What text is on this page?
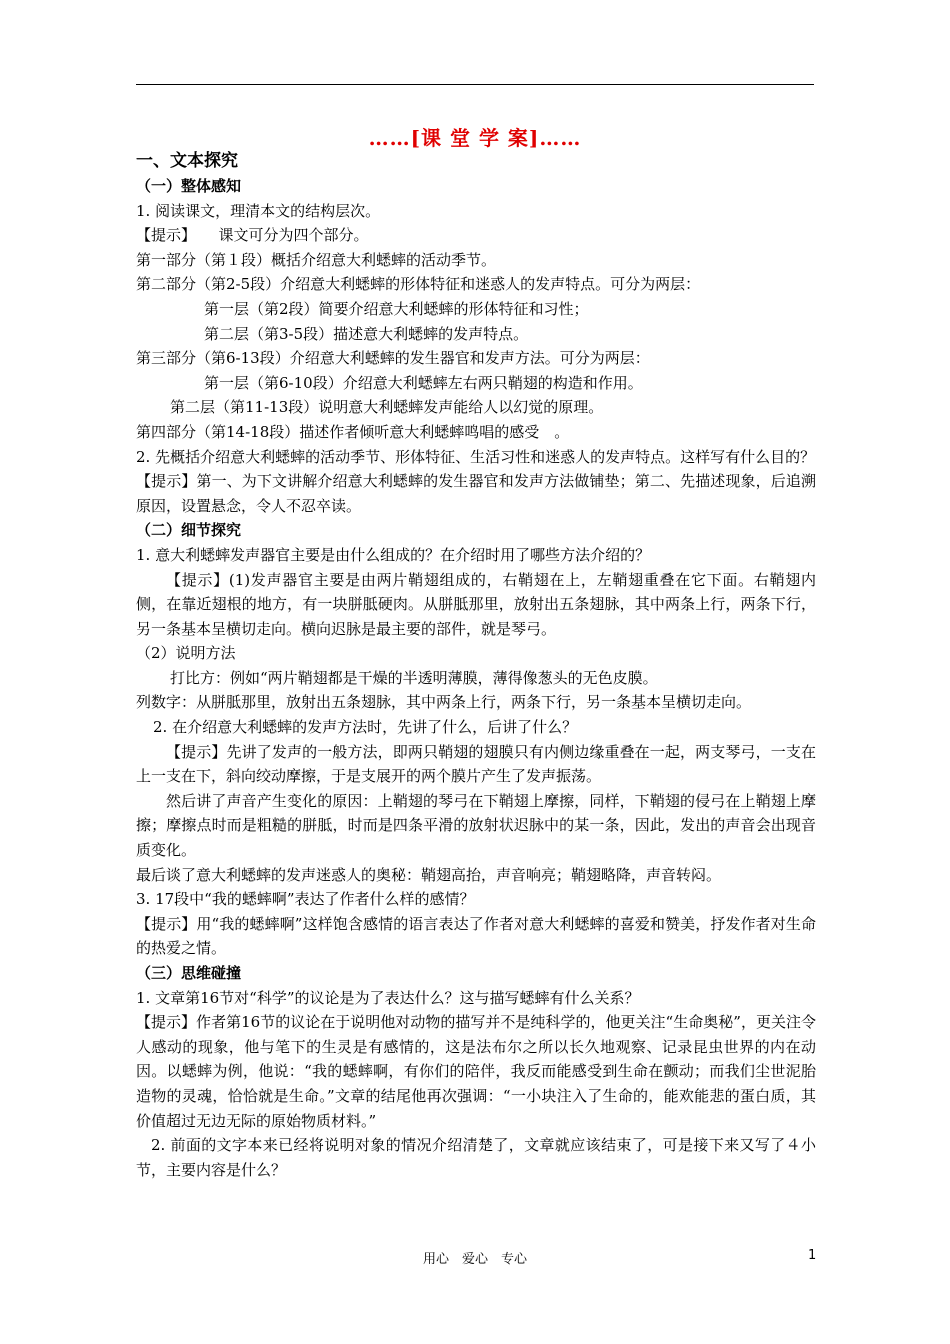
……[课 堂 学 案]……
一、文本探究
（一）整体感知
1. 阅读课文，理清本文的结构层次。
【提示】　　课文可分为四个部分。
第一部分（第１段）概括介绍意大利蟋蟀的活动季节。
第二部分（第2-5段）介绍意大利蟋蟀的形体特征和迷惑人的发声特点。可分为两层：
第一层（第2段）简要介绍意大利蟋蟀的形体特征和习性；
第二层（第3-5段）描述意大利蟋蟀的发声特点。
第三部分（第6-13段）介绍意大利蟋蟀的发生器官和发声方法。可分为两层：
第一层（第6-10段）介绍意大利蟋蟀左右两只鞘翅的构造和作用。
第二层（第11-13段）说明意大利蟋蟀发声能给人以幻觉的原理。
第四部分（第14-18段）描述作者倾听意大利蟋蟀鸣唱的感受　。
2. 先概括介绍意大利蟋蟀的活动季节、形体特征、生活习性和迷惑人的发声特点。这样写有什么目的？
【提示】第一、为下文讲解介绍意大利蟋蟀的发生器官和发声方法做铺垫；第二、先描述现象，后追溯原因，设置悬念，令人不忍卒读。
（二）细节探究
1. 意大利蟋蟀发声器官主要是由什么组成的？在介绍时用了哪些方法介绍的？
【提示】(1)发声器官主要是由两片鞘翅组成的，右鞘翅在上，左鞘翅重叠在它下面。右鞘翅内侧，在靠近翅根的地方，有一块胼胝硬肉。从胼胝那里，放射出五条翅脉，其中两条上行，两条下行，另一条基本呈横切走向。横向迟脉是最主要的部件，就是琴弓。
（2）说明方法
打比方：例如“两片鞘翅都是干燥的半透明薄膜，薄得像葱头的无色皮膜。
列数字：从胼胝那里，放射出五条翅脉，其中两条上行，两条下行，另一条基本呈横切走向。
2. 在介绍意大利蟋蟀的发声方法时，先讲了什么，后讲了什么？
【提示】先讲了发声的一般方法，即两只鞘翅的翅膜只有内侧边缘重叠在一起，两支琴弓，一支在上一支在下，斜向绞动摩擦，于是支展开的两个膜片产生了发声振荡。
然后讲了声音产生变化的原因：上鞘翅的琴弓在下鞘翅上摩擦，同样，下鞘翅的侵弓在上鞘翅上摩擦；摩擦点时而是粗糙的胼胝，时而是四条平滑的放射状迟脉中的某一条，因此，发出的声音会出现音质变化。
最后谈了意大利蟋蟀的发声迷惑人的奥秘：鞘翅高抬，声音响亮；鞘翅略降，声音转闷。
3. 17段中“我的蟋蟀啊”表达了作者什么样的感情？
【提示】用“我的蟋蟀啊”这样饱含感情的语言表达了作者对意大利蟋蟀的喜爱和赞美，抒发作者对生命的热爱之情。
（三）思维碰撞
1. 文章第16节对“科学”的议论是为了表达什么？这与描写蟋蟀有什么关系？
【提示】作者第16节的议论在于说明他对动物的描写并不是纯科学的，他更关注“生命奥秘”，更关注令人感动的现象，他与笔下的生灵是有感情的，这是法布尔之所以长久地观察、记录昆虫世界的内在动因。以蟋蟀为例，他说：“我的蟋蟀啊，有你们的陪伴，我反而能感受到生命在颤动；而我们尘世泥胎造物的灵魂，恰恰就是生命。”文章的结尾他再次强调：“一小块注入了生命的，能欢能悲的蛋白质，其价值超过无边无际的原始物质材料。”
2. 前面的文字本来已经将说明对象的情况介绍清楚了，文章就应该结束了，可是接下来又写了４小节，主要内容是什么？
用心　爱心　专心	1
